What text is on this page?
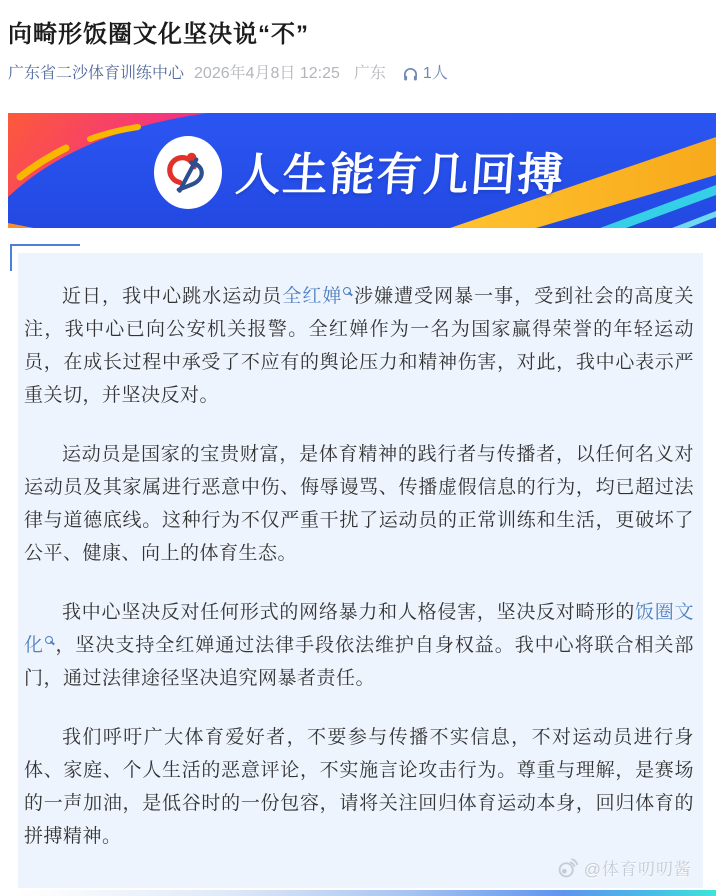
向畸形饭圈文化坚决说“不”
广东省二沙体育训练中心 2026年4月8日 12:25 广东 1人
人生能有几回搏

近日，我中心跳水运动员全红婵 涉嫌遭受网暴一事，受到社会的高度关注，我中心已向公安机关报警。全红婵作为一名为国家赢得荣誉的年轻运动员，在成长过程中承受了不应有的舆论压力和精神伤害，对此，我中心表示严重关切，并坚决反对。

运动员是国家的宝贵财富，是体育精神的践行者与传播者，以任何名义对运动员及其家属进行恶意中伤、侮辱谩骂、传播虚假信息的行为，均已超过法律与道德底线。这种行为不仅严重干扰了运动员的正常训练和生活，更破坏了公平、健康、向上的体育生态。

我中心坚决反对任何形式的网络暴力和人格侵害，坚决反对畸形的饭圈文化 ，坚决支持全红婵通过法律手段依法维护自身权益。我中心将联合相关部门，通过法律途径坚决追究网暴者责任。

我们呼吁广大体育爱好者，不要参与传播不实信息，不对运动员进行身体、家庭、个人生活的恶意评论，不实施言论攻击行为。尊重与理解，是赛场的一声加油，是低谷时的一份包容，请将关注回归体育运动本身，回归体育的拼搏精神。

@体育叨叨酱
